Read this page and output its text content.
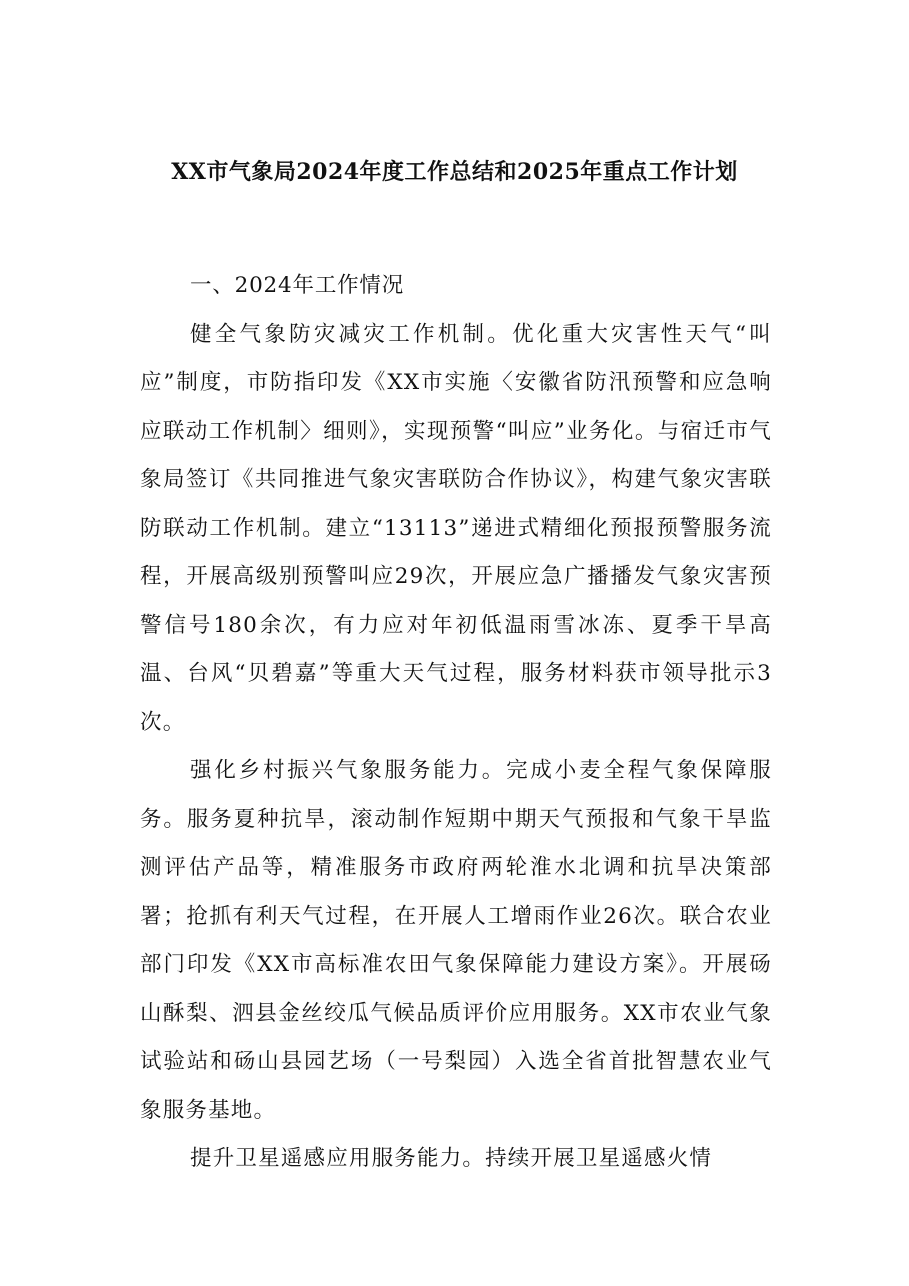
XX市气象局2024年度工作总结和2025年重点工作计划
一、2024年工作情况

健全气象防灾减灾工作机制。优化重大灾害性天气“叫应”制度，市防指印发《XX市实施〈安徽省防汛预警和应急响应联动工作机制〉细则》，实现预警“叫应”业务化。与宿迁市气象局签订《共同推进气象灾害联防合作协议》，构建气象灾害联防联动工作机制。建立“13113”递进式精细化预报预警服务流程，开展高级别预警叫应29次，开展应急广播播发气象灾害预警信号180余次，有力应对年初低温雨雪冰冻、夏季干旱高温、台风“贝碧嘉”等重大天气过程，服务材料获市领导批示3次。

强化乡村振兴气象服务能力。完成小麦全程气象保障服务。服务夏种抗旱，滚动制作短期中期天气预报和气象干旱监测评估产品等，精准服务市政府两轮淮水北调和抗旱决策部署；抢抓有利天气过程，在开展人工增雨作业26次。联合农业部门印发《XX市高标准农田气象保障能力建设方案》。开展砀山酥梨、泗县金丝绞瓜气候品质评价应用服务。XX市农业气象试验站和砀山县园艺场（一号梨园）入选全省首批智慧农业气象服务基地。

提升卫星遥感应用服务能力。持续开展卫星遥感火情
